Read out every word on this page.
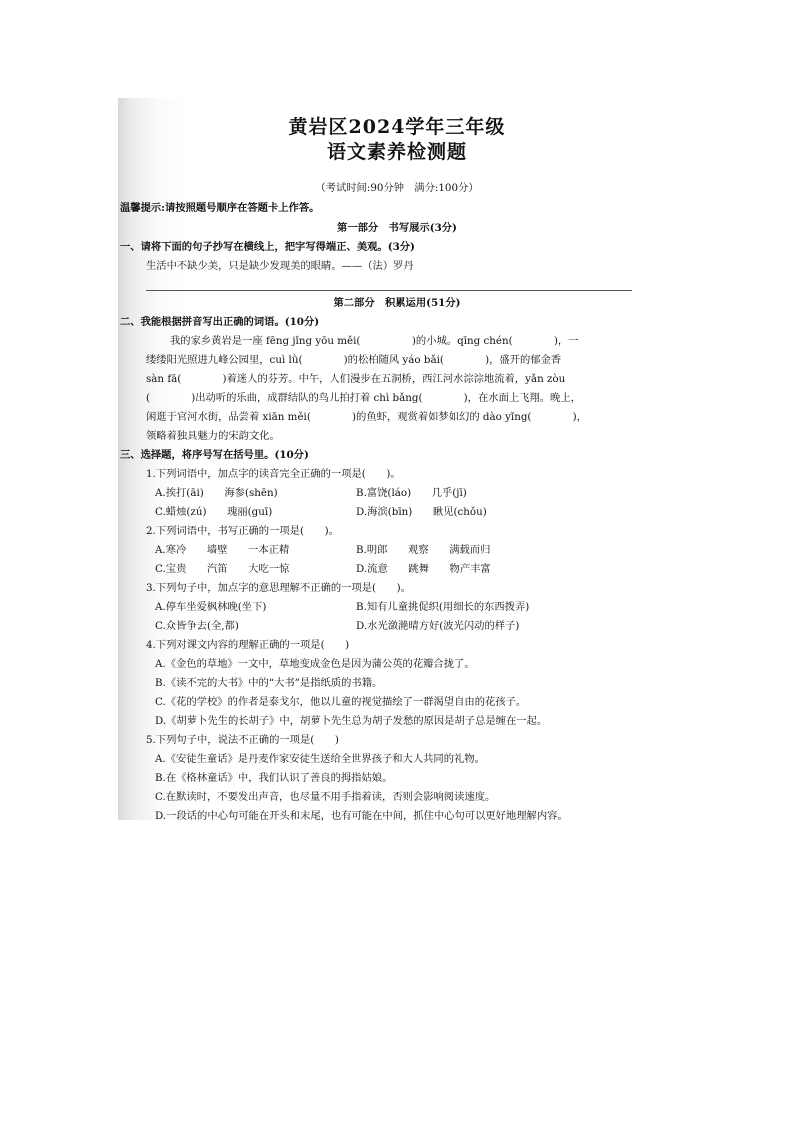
黄岩区2024学年三年级
语文素养检测题
（考试时间:90分钟　满分:100分）
温馨提示:请按照题号顺序在答题卡上作答。
第一部分　书写展示(3分)
一、请将下面的句子抄写在横线上，把字写得端正、美观。(3分)
生活中不缺少美，只是缺少发现美的眼睛。——（法）罗丹
第二部分　积累运用(51分)
二、我能根据拼音写出正确的词语。(10分)
我的家乡黄岩是一座 fēng jǐng yōu měi(　　　　　)的小城。qīng chén(　　　　)，一
缕缕阳光照进九峰公园里，cuì lǜ(　　　　)的松柏随风 yáo bǎi(　　　　)，盛开的郁金香
sàn fā(　　　　)着迷人的芬芳。中午，人们漫步在五洞桥，西江河水淙淙地流着，yǎn zòu
(　　　　)出动听的乐曲，成群结队的鸟儿拍打着 chì bǎng(　　　　)，在水面上飞翔。晚上，
闲逛于官河水街，品尝着 xiān měi(　　　　)的鱼虾，观赏着如梦如幻的 dào yǐng(　　　　)，
领略着独具魅力的宋韵文化。
三、选择题，将序号写在括号里。(10分)
1.下列词语中，加点字的读音完全正确的一项是(　　)。
A.挨打(āi)　　海参(shēn)	B.富饶(láo)　　几乎(jī)
C.蜡烛(zú)　　瑰丽(guī)	D.海滨(bīn)　　瞅见(chǒu)
2.下列词语中，书写正确的一项是(　　)。
A.寒冷　　墙壁　　一本正精	B.明郎　　观察　　满载而归
C.宝贵　　汽笛　　大吃一惊	D.流意　　跳舞　　物产丰富
3.下列句子中，加点字的意思理解不正确的一项是(　　)。
A.停车坐爱枫林晚(坐下)	B.知有儿童挑促织(用细长的东西拨弄)
C.众皆争去(全,都)	D.水光潋滟晴方好(波光闪动的样子)
4.下列对课文内容的理解正确的一项是(　　)
A.《金色的草地》一文中，草地变成金色是因为蒲公英的花瓣合拢了。
B.《读不完的大书》中的“大书”是指纸质的书籍。
C.《花的学校》的作者是泰戈尔，他以儿童的视觉描绘了一群渴望自由的花孩子。
D.《胡萝卜先生的长胡子》中，胡萝卜先生总为胡子发愁的原因是胡子总是缠在一起。
5.下列句子中，说法不正确的一项是(　　)
A.《安徒生童话》是丹麦作家安徒生送给全世界孩子和大人共同的礼物。
B.在《格林童话》中，我们认识了善良的拇指姑娘。
C.在默读时，不要发出声音，也尽量不用手指着读，否则会影响阅读速度。
D.一段话的中心句可能在开头和末尾，也有可能在中间，抓住中心句可以更好地理解内容。
